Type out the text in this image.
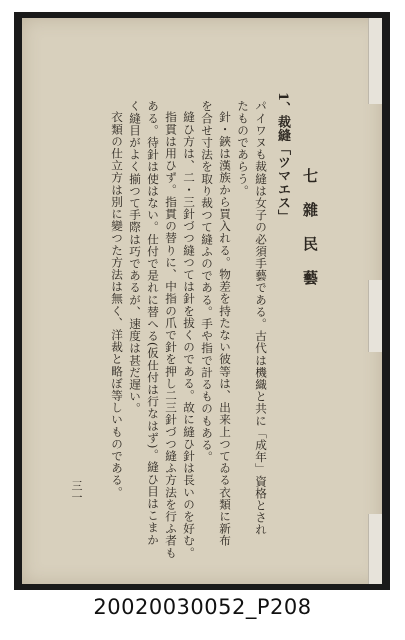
七　雜　民　藝
1、裁縫「ツマエス」
パイワヌも裁縫は女子の必須手藝である。古代は機織と共に「成年」資格とされ
たものであらう。
針・鋏は漢族から買入れる。物差を持たない彼等は、出来上つてゐる衣類に新布
を合せ寸法を取り裁つて縫ふのである。手や指で計るものもある。
縫ひ方は、二・三針づつ縫つては針を拔くのである。故に縫ひ針は長いのを好む。
指貫は用ひず。指貫の替りに、中指の爪で針を押し二三針づつ縫ふ方法を行ふ者も
ある。待針は使はない。仕付で是れに替へる(仮仕付は行なはず)。縫ひ目はこまか
く縫目がよく揃つて手際は巧であるが、速度は甚だ遅い。
衣類の仕立方は別に變つた方法は無く、洋裁と略ぼ等しいものである。
三一
20020030052_P208
